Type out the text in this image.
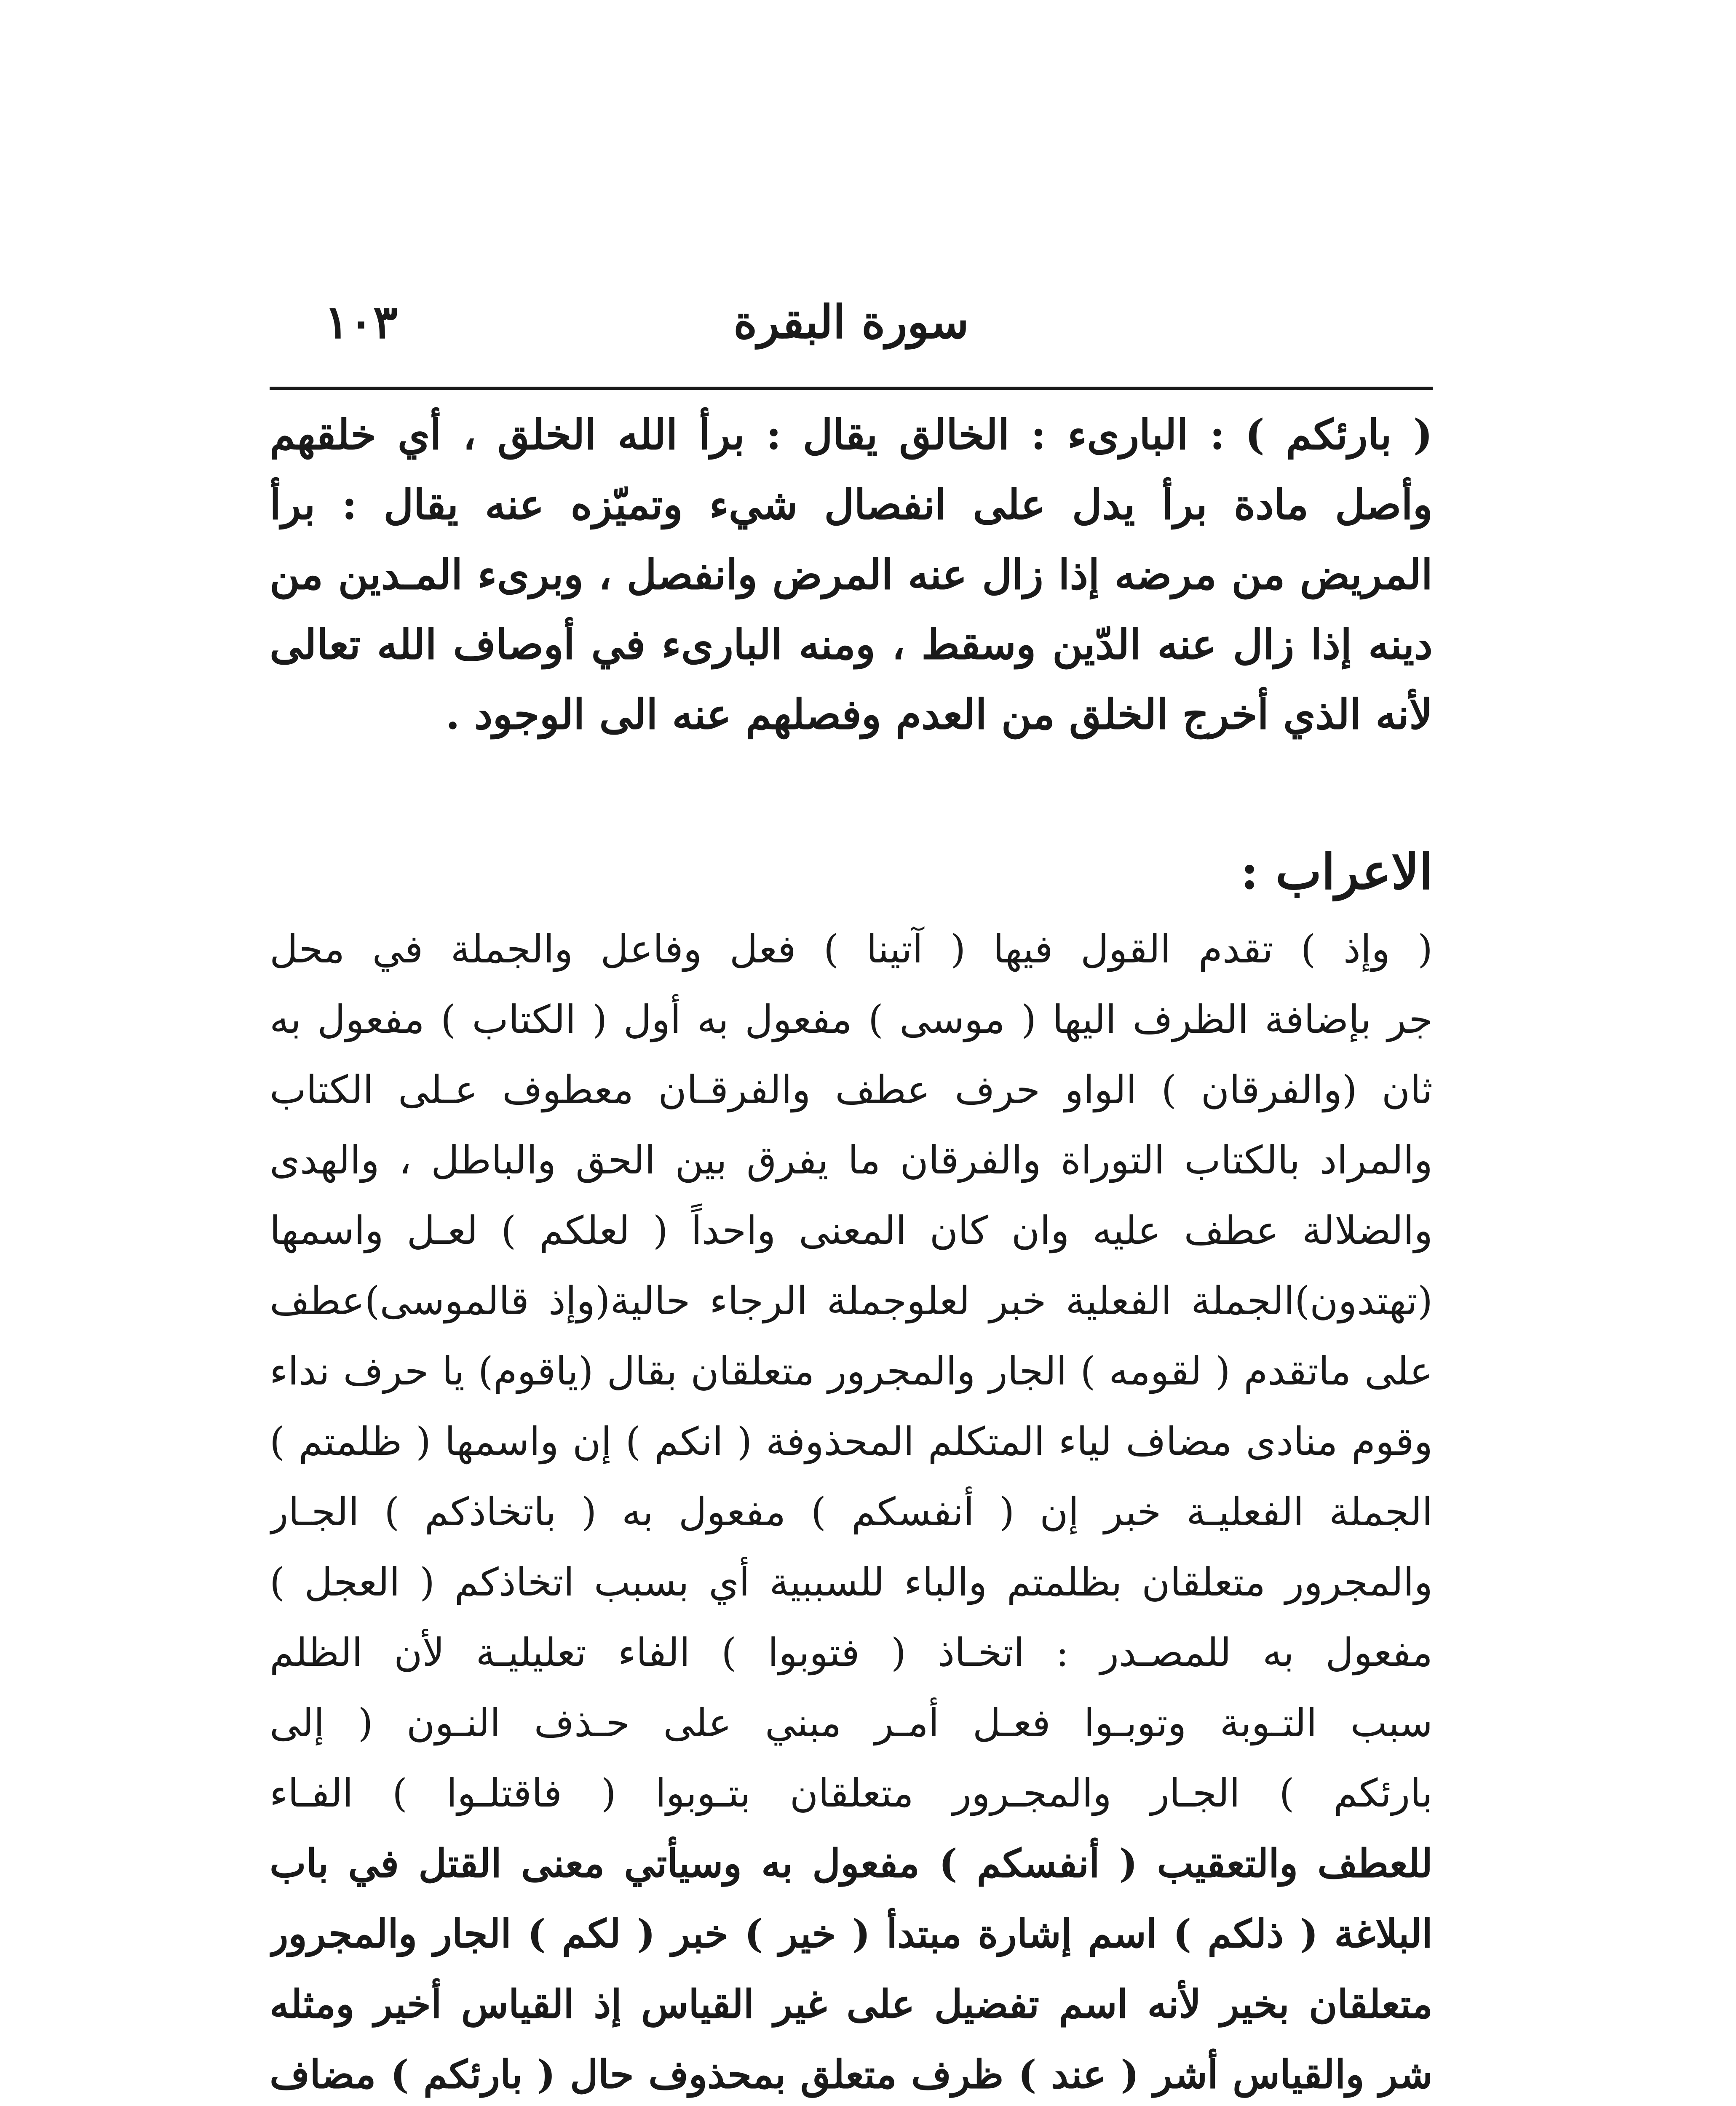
سورة البقرة
١٠٣

( بارئكم ) : البارىء : الخالق يقال : برأ الله الخلق ، أي خلقهم وأصل مادة برأ يدل على انفصال شيء وتميّزه عنه يقال : برأ المريض من مرضه إذا زال عنه المرض وانفصل ، وبرىء المـدين من دينه إذا زال عنه الدّين وسقط ، ومنه البارىء في أوصاف الله تعالى لأنه الذي أخرج الخلق من العدم وفصلهم عنه الى الوجود .

الاعراب :
( وإذ ) تقدم القول فيها ( آتينا ) فعل وفاعل والجملة في محل
جر بإضافة الظرف اليها ( موسى ) مفعول به أول ( الكتاب ) مفعول به
ثان (والفرقان ) الواو حرف عطف والفرقـان معطوف عـلى الكتاب
والمراد بالكتاب التوراة والفرقان ما يفرق بين الحق والباطل ، والهدى
والضلالة عطف عليه وان كان المعنى واحداً ( لعلكم ) لعـل واسمها
(تهتدون)الجملة الفعلية خبر لعلوجملة الرجاء حالية(وإذ قالموسى)عطف
على ماتقدم ( لقومه ) الجار والمجرور متعلقان بقال (ياقوم) يا حرف نداء
وقوم منادى مضاف لياء المتكلم المحذوفة ( انكم ) إن واسمها ( ظلمتم )
الجملة الفعليـة خبر إن ( أنفسكم ) مفعول به ( باتخاذكم ) الجـار
والمجرور متعلقان بظلمتم والباء للسببية أي بسبب اتخاذكم ( العجل )
مفعول به للمصـدر : اتخـاذ ( فتوبوا ) الفاء تعليليـة لأن الظلم
سبب التـوبة وتوبـوا فعـل أمـر مبني على حـذف النـون ( إلى
بارئكم ) الجـار والمجـرور متعلقان بتـوبوا ( فاقتلـوا ) الفـاء
للعطف والتعقيب ( أنفسكم ) مفعول به وسيأتي معنى القتل في باب
البلاغة ( ذلكم ) اسم إشارة مبتدأ ( خير ) خبر ( لكم ) الجار والمجرور
متعلقان بخير لأنه اسم تفضيل على غير القياس إذ القياس أخير ومثله
شر والقياس أشر ( عند ) ظرف متعلق بمحذوف حال ( بارئكم ) مضاف
